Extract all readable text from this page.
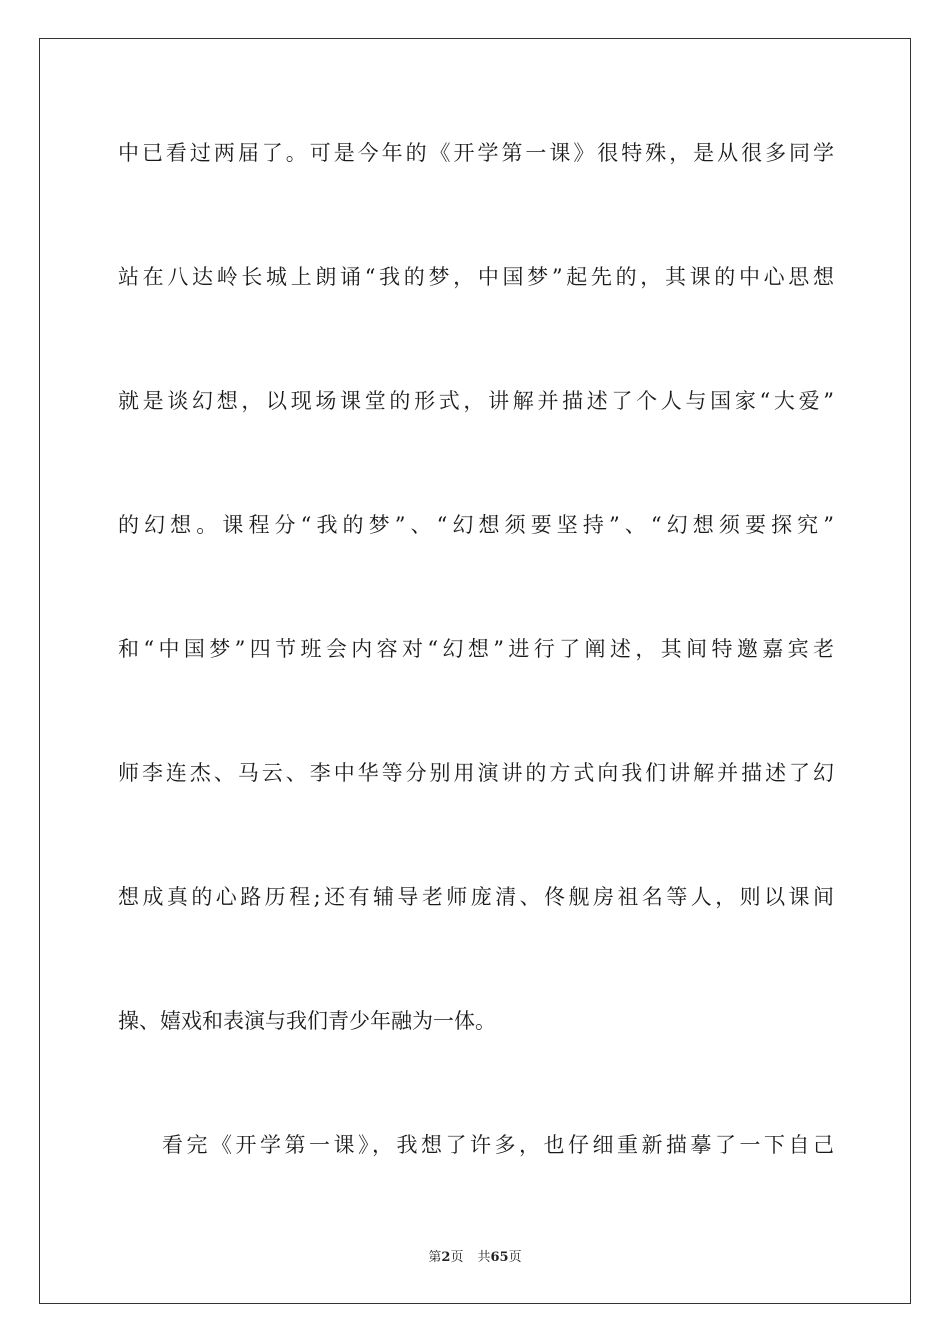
中已看过两届了。可是今年的《开学第一课》很特殊，是从很多同学
站在八达岭长城上朗诵“我的梦，中国梦”起先的，其课的中心思想
就是谈幻想，以现场课堂的形式，讲解并描述了个人与国家“大爱”
的幻想。课程分“我的梦”、“幻想须要坚持”、“幻想须要探究”
和“中国梦”四节班会内容对“幻想”进行了阐述，其间特邀嘉宾老
师李连杰、马云、李中华等分别用演讲的方式向我们讲解并描述了幻
想成真的心路历程;还有辅导老师庞清、佟舰房祖名等人，则以课间
操、嬉戏和表演与我们青少年融为一体。
看完《开学第一课》，我想了许多，也仔细重新描摹了一下自己
第2页 共65页
